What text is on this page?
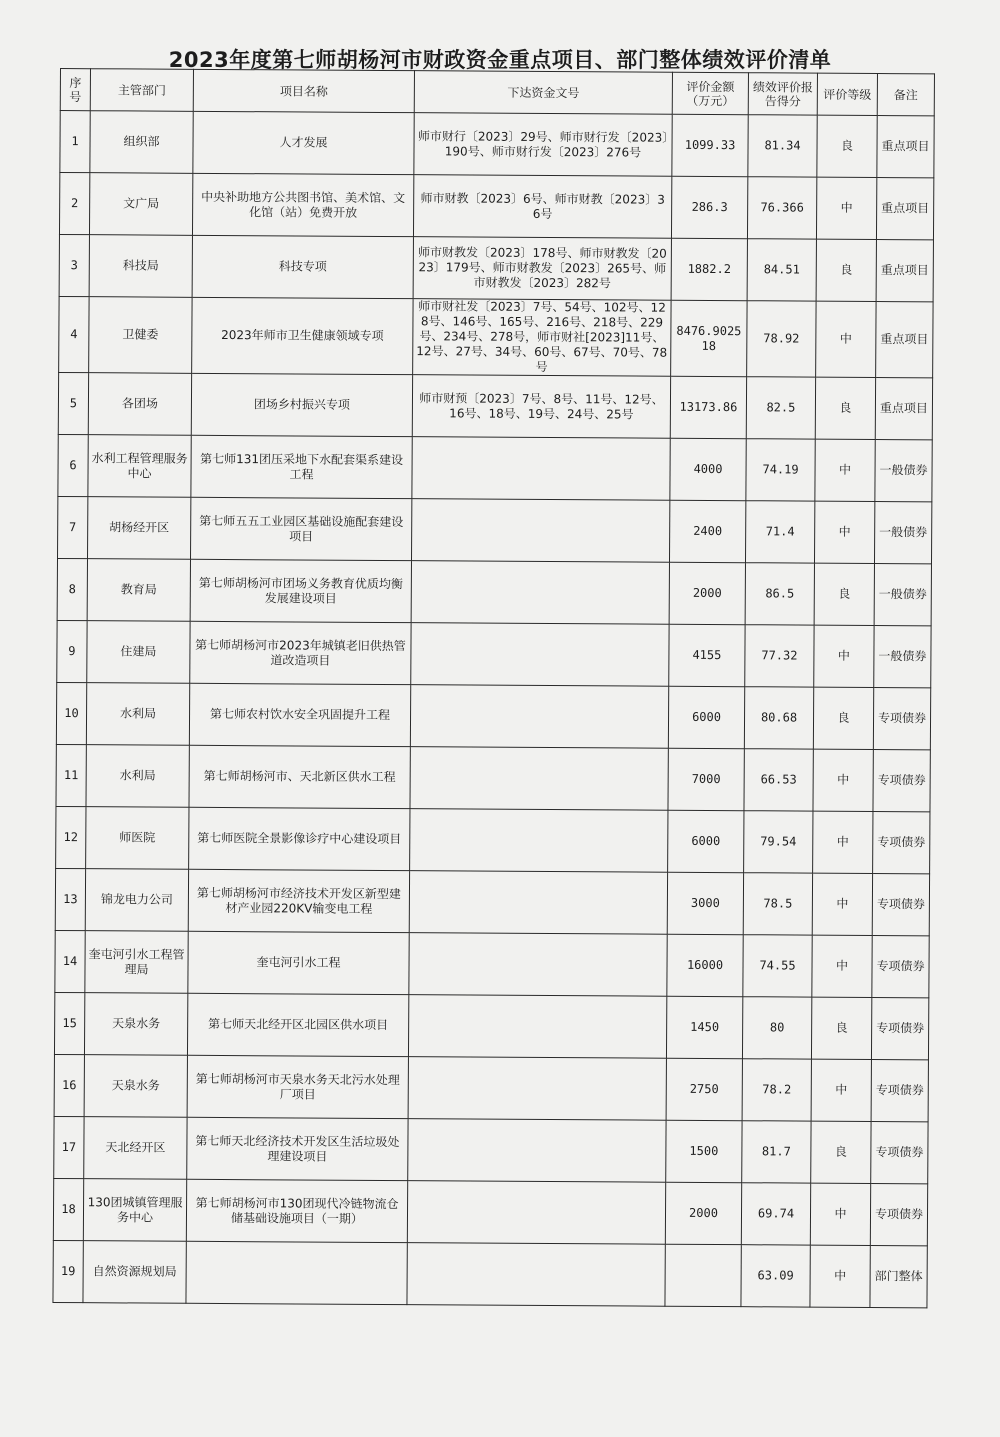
2023年度第七师胡杨河市财政资金重点项目、部门整体绩效评价清单
序号	主管部门	项目名称	下达资金文号	评价金额（万元）	绩效评价报告得分	评价等级	备注
1	组织部	人才发展	师市财行〔2023〕29号、师市财行发〔2023〕190号、师市财行发〔2023〕276号	1099.33	81.34	良	重点项目
2	文广局	中央补助地方公共图书馆、美术馆、文化馆（站）免费开放	师市财教〔2023〕6号、师市财教〔2023〕36号	286.3	76.366	中	重点项目
3	科技局	科技专项	师市财教发〔2023〕178号、师市财教发〔2023〕179号、师市财教发〔2023〕265号、师市财教发〔2023〕282号	1882.2	84.51	良	重点项目
4	卫健委	2023年师市卫生健康领域专项	师市财社发〔2023〕7号、54号、102号、128号、146号、165号、216号、218号、229号、234号、278号，师市财社[2023]11号、12号、27号、34号、60号、67号、70号、78号	8476.902518	78.92	中	重点项目
5	各团场	团场乡村振兴专项	师市财预〔2023〕7号、8号、11号、12号、16号、18号、19号、24号、25号	13173.86	82.5	良	重点项目
6	水利工程管理服务中心	第七师131团压采地下水配套渠系建设工程		4000	74.19	中	一般债券
7	胡杨经开区	第七师五五工业园区基础设施配套建设项目		2400	71.4	中	一般债券
8	教育局	第七师胡杨河市团场义务教育优质均衡发展建设项目		2000	86.5	良	一般债券
9	住建局	第七师胡杨河市2023年城镇老旧供热管道改造项目		4155	77.32	中	一般债券
10	水利局	第七师农村饮水安全巩固提升工程		6000	80.68	良	专项债券
11	水利局	第七师胡杨河市、天北新区供水工程		7000	66.53	中	专项债券
12	师医院	第七师医院全景影像诊疗中心建设项目		6000	79.54	中	专项债券
13	锦龙电力公司	第七师胡杨河市经济技术开发区新型建材产业园220KV输变电工程		3000	78.5	中	专项债券
14	奎屯河引水工程管理局	奎屯河引水工程		16000	74.55	中	专项债券
15	天泉水务	第七师天北经开区北园区供水项目		1450	80	良	专项债券
16	天泉水务	第七师胡杨河市天泉水务天北污水处理厂项目		2750	78.2	中	专项债券
17	天北经开区	第七师天北经济技术开发区生活垃圾处理建设项目		1500	81.7	良	专项债券
18	130团城镇管理服务中心	第七师胡杨河市130团现代冷链物流仓储基础设施项目（一期）		2000	69.74	中	专项债券
19	自然资源规划局				63.09	中	部门整体
